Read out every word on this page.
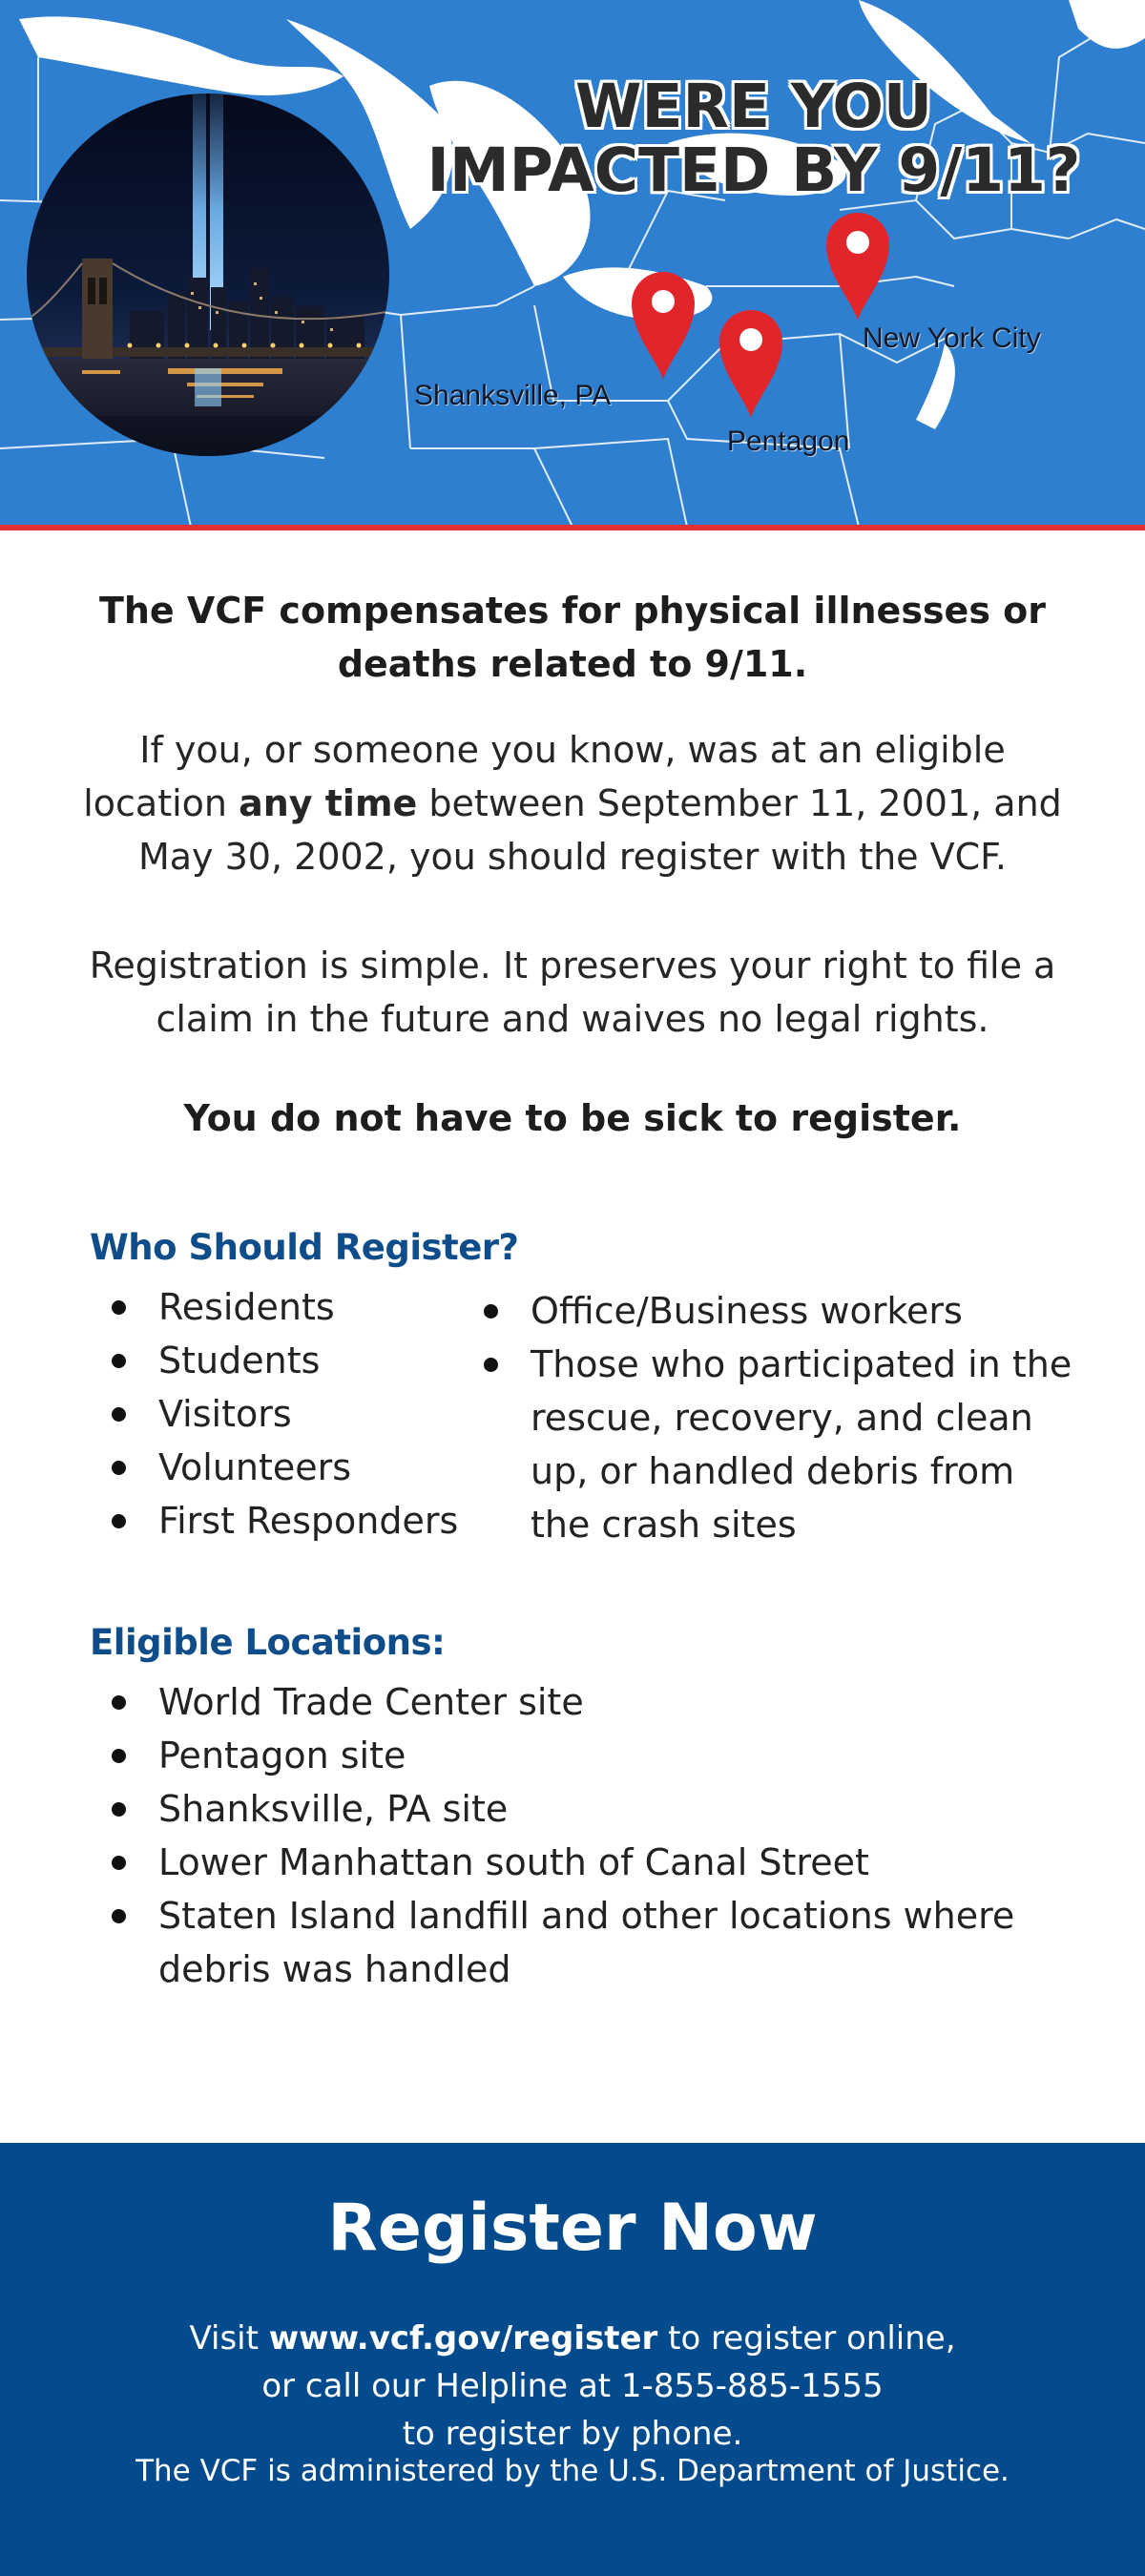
WERE YOU
IMPACTED BY 9/11?
Shanksville, PA
Pentagon
New York City

The VCF compensates for physical illnesses or deaths related to 9/11.

If you, or someone you know, was at an eligible location any time between September 11, 2001, and May 30, 2002, you should register with the VCF.

Registration is simple. It preserves your right to file a claim in the future and waives no legal rights.

You do not have to be sick to register.

Who Should Register?
Residents
Students
Visitors
Volunteers
First Responders
Office/Business workers
Those who participated in the rescue, recovery, and clean up, or handled debris from the crash sites
Eligible Locations:
World Trade Center site
Pentagon site
Shanksville, PA site
Lower Manhattan south of Canal Street
Staten Island landfill and other locations where debris was handled
Register Now

Visit www.vcf.gov/register to register online,
or call our Helpline at 1-855-885-1555
to register by phone.

The VCF is administered by the U.S. Department of Justice.
